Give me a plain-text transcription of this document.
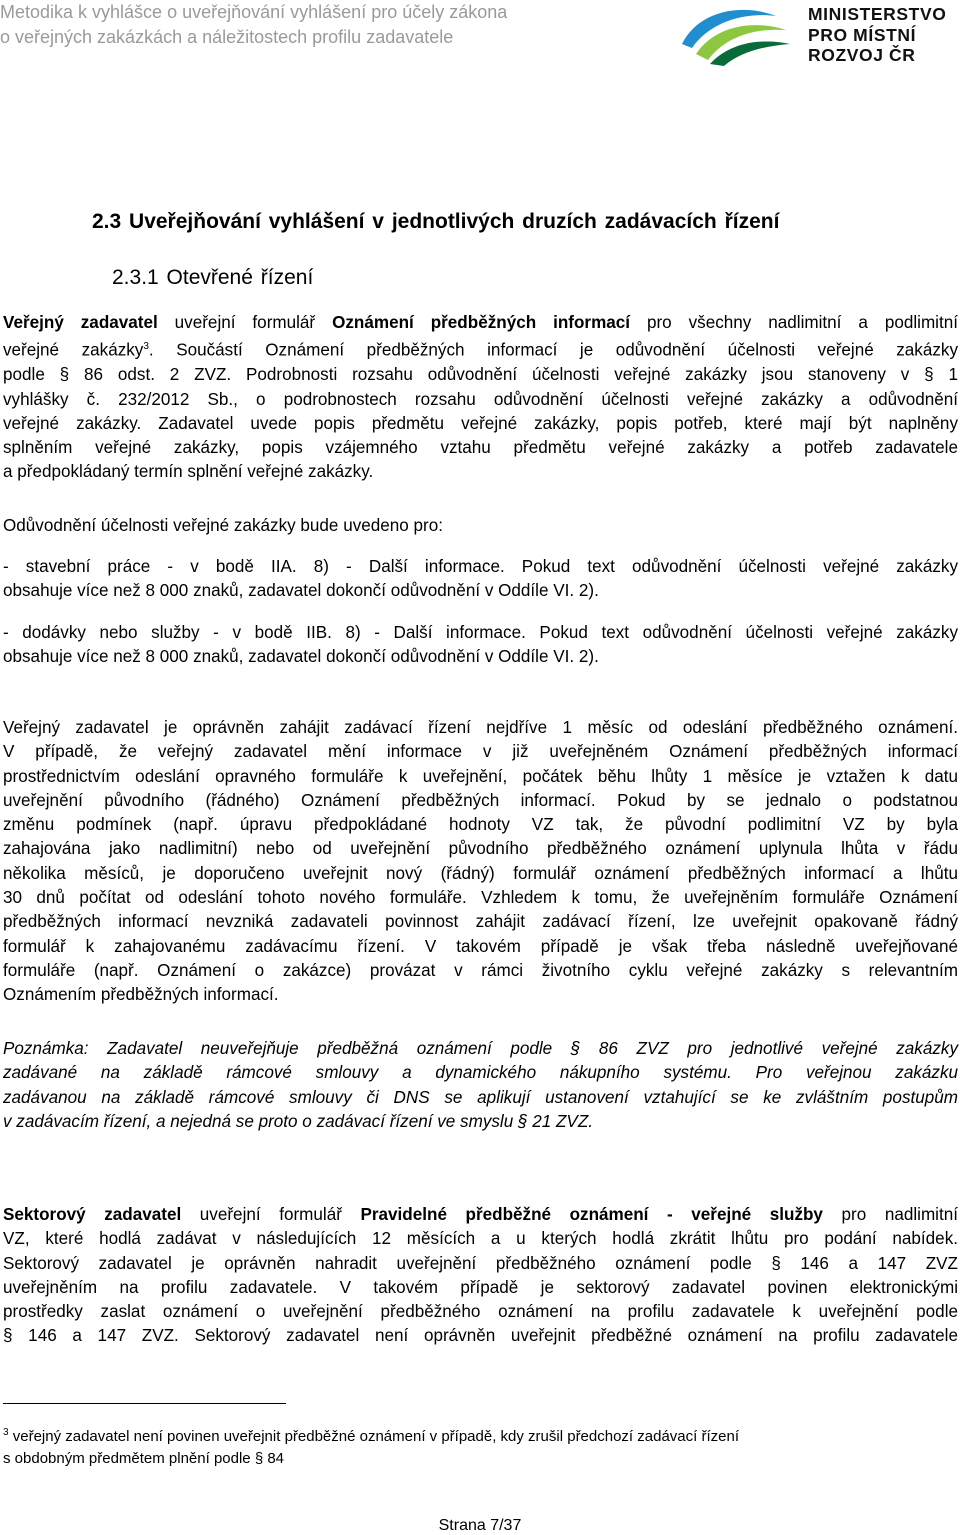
Metodika k vyhlášce o uveřejňování vyhlášení pro účely zákona
o veřejných zakázkách a náležitostech profilu zadavatele
MINISTERSTVO
PRO MÍSTNÍ
ROZVOJ ČR
2.3 Uveřejňování vyhlášení v jednotlivých druzích zadávacích řízení
2.3.1 Otevřené řízení
Veřejný zadavatel uveřejní formulář Oznámení předběžných informací pro všechny nadlimitní a podlimitní
veřejné zakázky$^3$. Součástí Oznámení předběžných informací je odůvodnění účelnosti veřejné zakázky
podle § 86 odst. 2 ZVZ. Podrobnosti rozsahu odůvodnění účelnosti veřejné zakázky jsou stanoveny v § 1
vyhlášky č. 232/2012 Sb., o podrobnostech rozsahu odůvodnění účelnosti veřejné zakázky a odůvodnění
veřejné zakázky. Zadavatel uvede popis předmětu veřejné zakázky, popis potřeb, které mají být naplněny
splněním veřejné zakázky, popis vzájemného vztahu předmětu veřejné zakázky a potřeb zadavatele
a předpokládaný termín splnění veřejné zakázky.
Odůvodnění účelnosti veřejné zakázky bude uvedeno pro:
- stavební práce - v bodě IIA. 8) - Další informace. Pokud text odůvodnění účelnosti veřejné zakázky
obsahuje více než 8 000 znaků, zadavatel dokončí odůvodnění v Oddíle VI. 2).
- dodávky nebo služby - v bodě IIB. 8) - Další informace. Pokud text odůvodnění účelnosti veřejné zakázky
obsahuje více než 8 000 znaků, zadavatel dokončí odůvodnění v Oddíle VI. 2).
Veřejný zadavatel je oprávněn zahájit zadávací řízení nejdříve 1 měsíc od odeslání předběžného oznámení.
V případě, že veřejný zadavatel mění informace v již uveřejněném Oznámení předběžných informací
prostřednictvím odeslání opravného formuláře k uveřejnění, počátek běhu lhůty 1 měsíce je vztažen k datu
uveřejnění původního (řádného) Oznámení předběžných informací. Pokud by se jednalo o podstatnou
změnu podmínek (např. úpravu předpokládané hodnoty VZ tak, že původní podlimitní VZ by byla
zahajována jako nadlimitní) nebo od uveřejnění původního předběžného oznámení uplynula lhůta v řádu
několika měsíců, je doporučeno uveřejnit nový (řádný) formulář oznámení předběžných informací a lhůtu
30 dnů počítat od odeslání tohoto nového formuláře. Vzhledem k tomu, že uveřejněním formuláře Oznámení
předběžných informací nevzniká zadavateli povinnost zahájit zadávací řízení, lze uveřejnit opakovaně řádný
formulář k zahajovanému zadávacímu řízení. V takovém případě je však třeba následně uveřejňované
formuláře (např. Oznámení o zakázce) provázat v rámci životního cyklu veřejné zakázky s relevantním
Oznámením předběžných informací.
Poznámka: Zadavatel neuveřejňuje předběžná oznámení podle § 86 ZVZ pro jednotlivé veřejné zakázky
zadávané na základě rámcové smlouvy a dynamického nákupního systému. Pro veřejnou zakázku
zadávanou na základě rámcové smlouvy či DNS se aplikují ustanovení vztahující se ke zvláštním postupům
v zadávacím řízení, a nejedná se proto o zadávací řízení ve smyslu § 21 ZVZ.
Sektorový zadavatel uveřejní formulář Pravidelné předběžné oznámení - veřejné služby pro nadlimitní
VZ, které hodlá zadávat v následujících 12 měsících a u kterých hodlá zkrátit lhůtu pro podání nabídek.
Sektorový zadavatel je oprávněn nahradit uveřejnění předběžného oznámení podle § 146 a 147 ZVZ
uveřejněním na profilu zadavatele. V takovém případě je sektorový zadavatel povinen elektronickými
prostředky zaslat oznámení o uveřejnění předběžného oznámení na profilu zadavatele k uveřejnění podle
§ 146 a 147 ZVZ. Sektorový zadavatel není oprávněn uveřejnit předběžné oznámení na profilu zadavatele
$^3$ veřejný zadavatel není povinen uveřejnit předběžné oznámení v případě, kdy zrušil předchozí zadávací řízení
s obdobným předmětem plnění podle § 84
Strana 7/37
